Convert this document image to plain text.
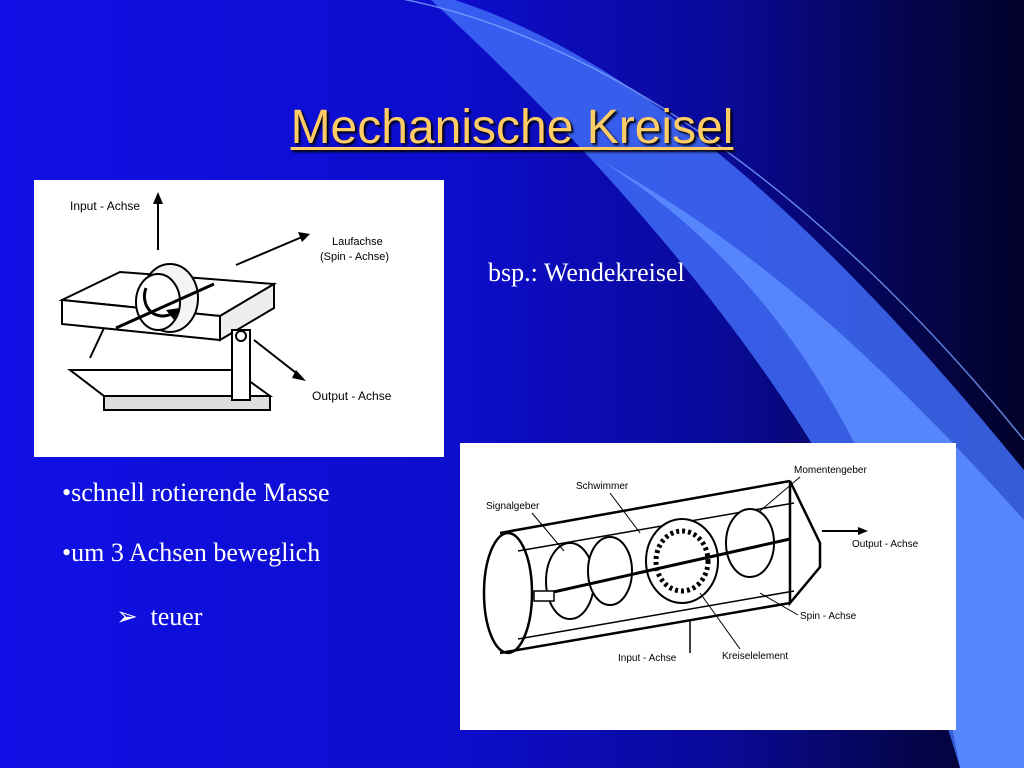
Mechanische Kreisel
Input - Achse
Laufachse
(Spin - Achse)
Output - Achse
bsp.: Wendekreisel
•schnell rotierende Masse
•um 3 Achsen beweglich
➢ teuer
Schwimmer
Momentengeber
Signalgeber
Output - Achse
Spin - Achse
Input - Achse	Kreiselelement
